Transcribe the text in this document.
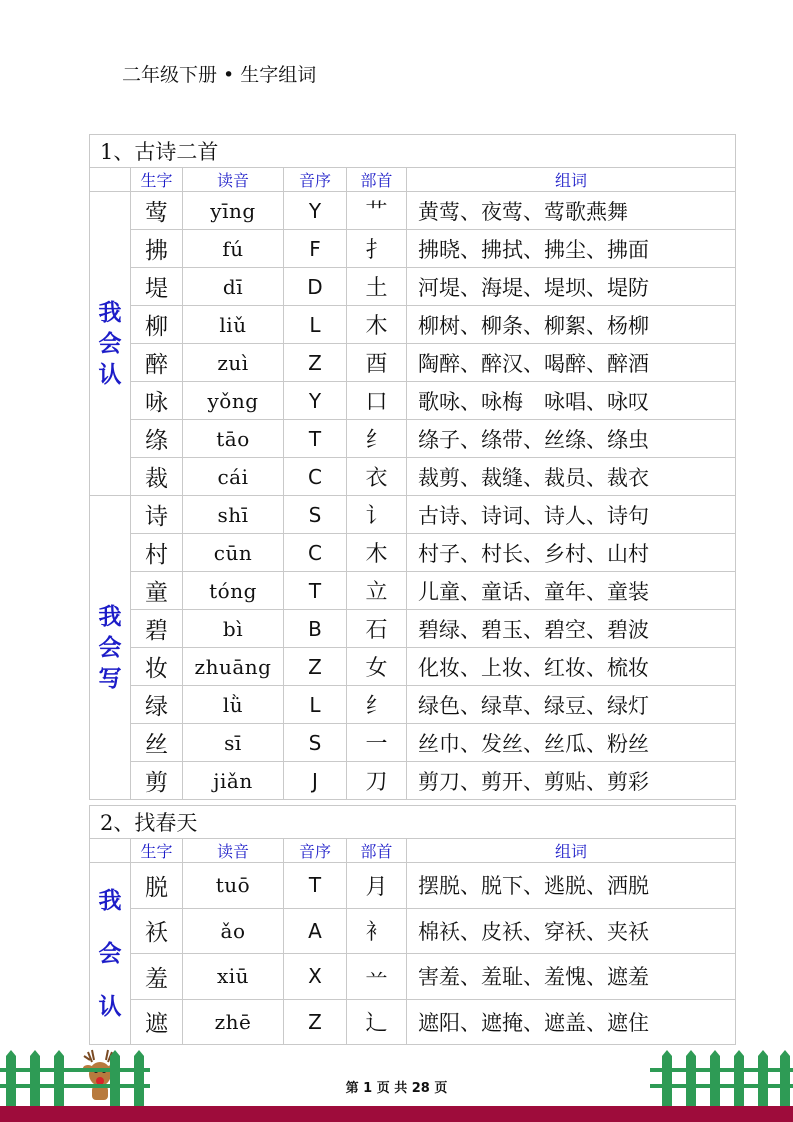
二年级下册 • 生字组词
1、古诗二首					
	生字	读音	音序	部首	组词

我
会
认	莺	yīng	Y	艹	黄莺、夜莺、莺歌燕舞
	拂	fú	F	扌	拂晓、拂拭、拂尘、拂面
	堤	dī	D	土	河堤、海堤、堤坝、堤防
	柳	liǔ	L	木	柳树、柳条、柳絮、杨柳
	醉	zuì	Z	酉	陶醉、醉汉、喝醉、醉酒
	咏	yǒng	Y	口	歌咏、咏梅　咏唱、咏叹
	绦	tāo	T	纟	绦子、绦带、丝绦、绦虫
	裁	cái	C	衣	裁剪、裁缝、裁员、裁衣

我
会
写	诗	shī	S	讠	古诗、诗词、诗人、诗句
	村	cūn	C	木	村子、村长、乡村、山村
	童	tóng	T	立	儿童、童话、童年、童装
	碧	bì	B	石	碧绿、碧玉、碧空、碧波
	妆	zhuāng	Z	女	化妆、上妆、红妆、梳妆
	绿	lǜ	L	纟	绿色、绿草、绿豆、绿灯
	丝	sī	S	一	丝巾、发丝、丝瓜、粉丝
	剪	jiǎn	J	刀	剪刀、剪开、剪贴、剪彩
2、找春天					
	生字	读音	音序	部首	组词

我
会
认	脱	tuō	T	月	摆脱、脱下、逃脱、洒脱
	袄	ǎo	A	衤	棉袄、皮袄、穿袄、夹袄
	羞	xiū	X	䒑	害羞、羞耻、羞愧、遮羞
	遮	zhē	Z	辶	遮阳、遮掩、遮盖、遮住
第 1 页 共 28 页
